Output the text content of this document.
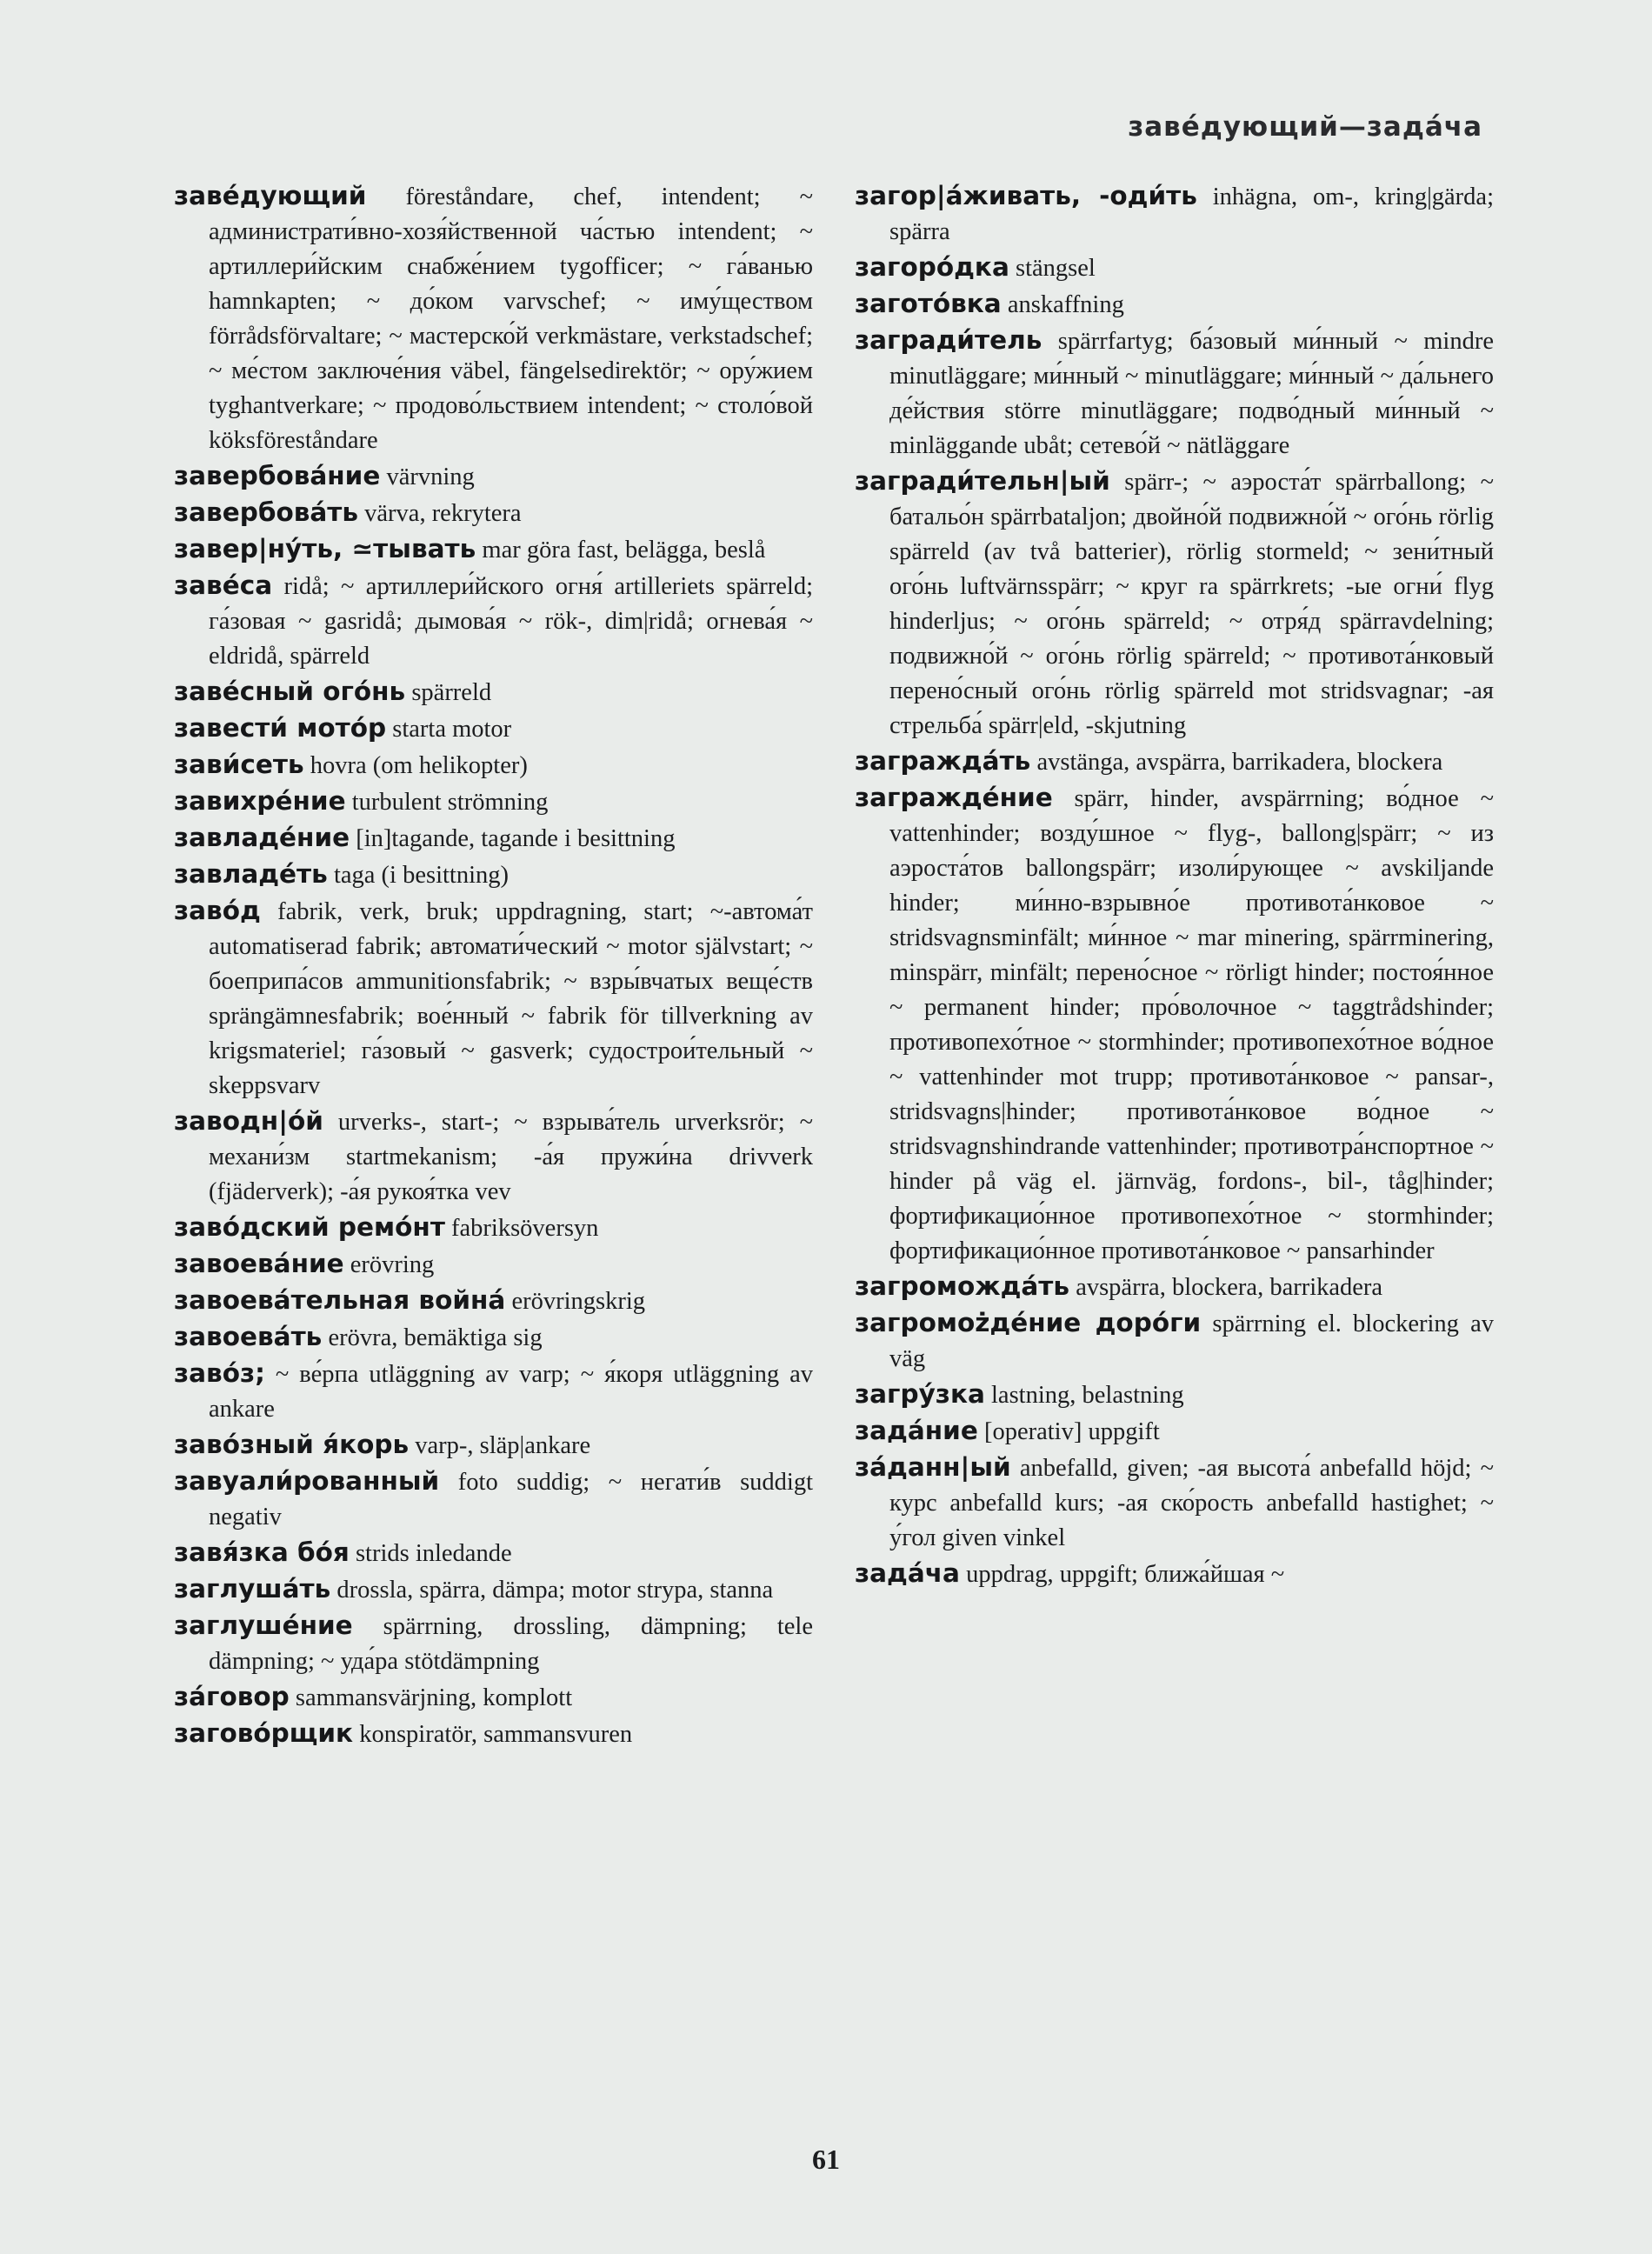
заве́дующий—зада́ча
заве́дующий föreståndare, chef, intendent; ~ администрати́вно-хозя́йственной ча́стью intendent; ~ артиллери́йским снабже́нием tygofficer; ~ га́ванью hamnkapten; ~ до́ком varvschef; ~ иму́ществом förrådsförvaltare; ~ мастерско́й verkmästare, verkstadschef; ~ ме́стом заключе́ния väbel, fängelsedirektör; ~ ору́жием tyghantverkare; ~ продово́льствием intendent; ~ столо́вой köksföreståndare
завербова́ние värvning
завербова́ть värva, rekrytera
завер|ну́ть, ≃тывать mar göra fast, belägga, beslå
заве́са ridå; ~ артиллери́йского огня́ artilleriets spärreld; га́зовая ~ gasridå; дымова́я ~ rök-, dim|ridå; огнева́я ~ eldridå, spärreld
заве́сный ого́нь spärreld
завести́ мото́р starta motor
зави́сеть hovra (om helikopter)
завихре́ние turbulent strömning
завладе́ние [in]tagande, tagande i besittning
завладе́ть taga (i besittning)
заво́д fabrik, verk, bruk; uppdragning, start; ~-автома́т automatiserad fabrik; автомати́ческий ~ motor självstart; ~ боеприпа́сов ammunitionsfabrik; ~ взры́вчатых веще́ств sprängämnesfabrik; вое́нный ~ fabrik för tillverkning av krigsmateriel; га́зовый ~ gasverk; судострои́тельный ~ skeppsvarv
заводн|о́й urverks-, start-; ~ взрыва́тель urverksrör; ~ механи́зм startmekanism; -а́я пружи́на drivverk (fjäderverk); -а́я рукоя́тка vev
заво́дский ремо́нт fabriksöversyn
завоева́ние erövring
завоева́тельная война́ erövringskrig
завоева́ть erövra, bemäktiga sig
заво́з; ~ ве́рпа utläggning av varp; ~ я́коря utläggning av ankare
заво́зный я́корь varp-, släp|ankare
завуали́рованный foto suddig; ~ негати́в suddigt negativ
завя́зка бо́я strids inledande
заглуша́ть drossla, spärra, dämpa; motor strypa, stanna
заглуше́ние spärrning, drossling, dämpning; tele dämpning; ~ уда́ра stötdämpning
за́говор sammansvärjning, komplott
загово́рщик konspiratör, sammansvuren
загор|а́живать, -оди́ть inhägna, om-, kring|gärda; spärra
загоро́дка stängsel
загото́вка anskaffning
загради́тель spärrfartyg; ба́зовый ми́нный ~ mindre minutläggare; ми́нный ~ minutläggare; ми́нный ~ да́льнего де́йствия större minutläggare; подво́дный ми́нный ~ minläggande ubåt; сетево́й ~ nätläggare
загради́тельн|ый spärr-; ~ аэроста́т spärrballong; ~ батальо́н spärrbataljon; двойно́й подвижно́й ~ ого́нь rörlig spärreld (av två batterier), rörlig stormeld; ~ зени́тный ого́нь luftvärnsspärr; ~ круг ra spärrkrets; -ые огни́ flyg hinderljus; ~ ого́нь spärreld; ~ отря́д spärravdelning; подвижно́й ~ ого́нь rörlig spärreld; ~ противота́нковый перено́сный ого́нь rörlig spärreld mot stridsvagnar; -ая стрельба́ spärr|eld, -skjutning
загражда́ть avstänga, avspärra, barrikadera, blockera
загражде́ние spärr, hinder, avspärrning; во́дное ~ vattenhinder; возду́шное ~ flyg-, ballong|spärr; ~ из аэроста́тов ballongspärr; изоли́рующее ~ avskiljande hinder; ми́нно-взрывно́е противота́нковое ~ stridsvagnsminfält; ми́нное ~ mar minering, spärrminering, minspärr, minfält; перено́сное ~ rörligt hinder; постоя́нное ~ permanent hinder; про́волочное ~ taggtrådshinder; противопехо́тное ~ stormhinder; противопехо́тное во́дное ~ vattenhinder mot trupp; противота́нковое ~ pansar-, stridsvagns|hinder; противота́нковое во́дное ~ stridsvagnshindrande vattenhinder; противотра́нспортное ~ hinder på väg el. järnväg, fordons-, bil-, tåg|hinder; фортификацио́нное противопехо́тное ~ stormhinder; фортификацио́нное противота́нковое ~ pansarhinder
загроможда́ть avspärra, blockera, barrikadera
загромożде́ние доро́ги spärrning el. blockering av väg
загру́зка lastning, belastning
зада́ние [operativ] uppgift
за́данн|ый anbefalld, given; -ая высота́ anbefalld höjd; ~ курс anbefalld kurs; -ая ско́рость anbefalld hastighet; ~ у́гол given vinkel
зада́ча uppdrag, uppgift; ближа́йшая ~
61
